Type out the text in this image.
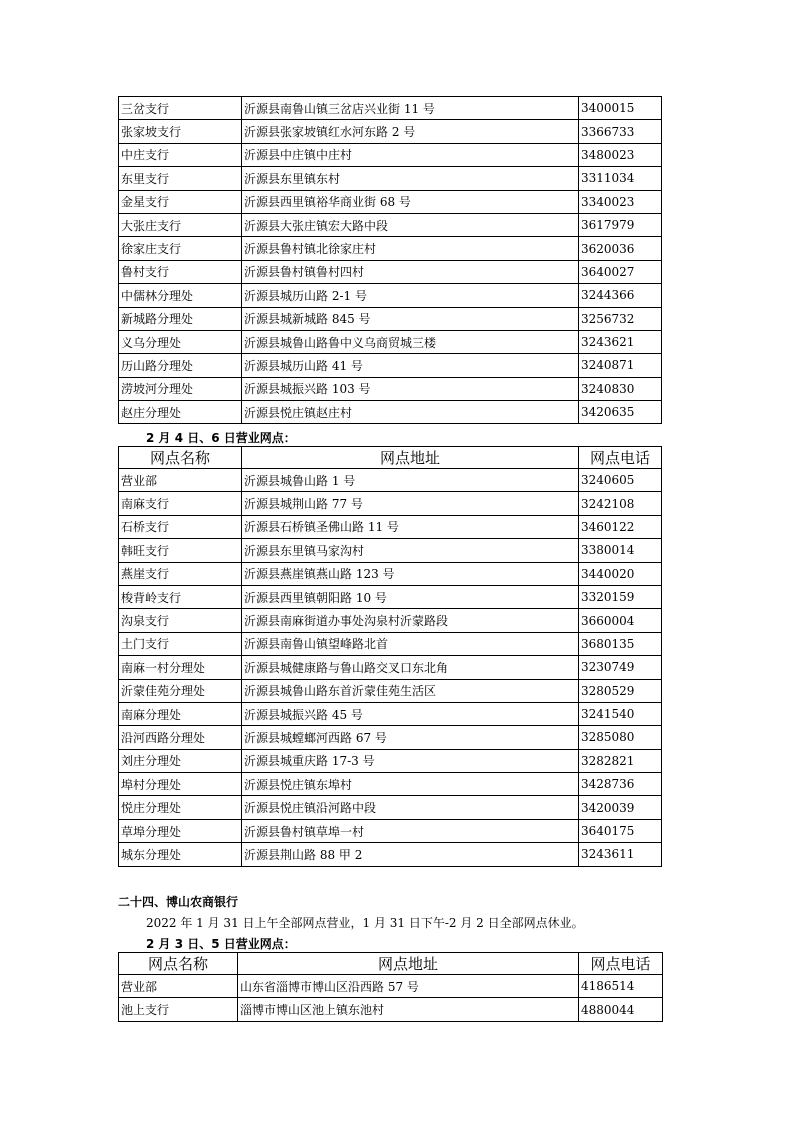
三岔支行	沂源县南鲁山镇三岔店兴业街 11 号	3400015
张家坡支行	沂源县张家坡镇红水河东路 2 号	3366733
中庄支行	沂源县中庄镇中庄村	3480023
东里支行	沂源县东里镇东村	3311034
金星支行	沂源县西里镇裕华商业街 68 号	3340023
大张庄支行	沂源县大张庄镇宏大路中段	3617979
徐家庄支行	沂源县鲁村镇北徐家庄村	3620036
鲁村支行	沂源县鲁村镇鲁村四村	3640027
中儒林分理处	沂源县城历山路 2-1 号	3244366
新城路分理处	沂源县城新城路 845 号	3256732
义乌分理处	沂源县城鲁山路鲁中义乌商贸城三楼	3243621
历山路分理处	沂源县城历山路 41 号	3240871
涝坡河分理处	沂源县城振兴路 103 号	3240830
赵庄分理处	沂源县悦庄镇赵庄村	3420635
2 月 4 日、6 日营业网点：
网点名称	网点地址	网点电话
营业部	沂源县城鲁山路 1 号	3240605
南麻支行	沂源县城荆山路 77 号	3242108
石桥支行	沂源县石桥镇圣佛山路 11 号	3460122
韩旺支行	沂源县东里镇马家沟村	3380014
燕崖支行	沂源县燕崖镇燕山路 123 号	3440020
梭背岭支行	沂源县西里镇朝阳路 10 号	3320159
沟泉支行	沂源县南麻街道办事处沟泉村沂蒙路段	3660004
土门支行	沂源县南鲁山镇望峰路北首	3680135
南麻一村分理处	沂源县城健康路与鲁山路交叉口东北角	3230749
沂蒙佳苑分理处	沂源县城鲁山路东首沂蒙佳苑生活区	3280529
南麻分理处	沂源县城振兴路 45 号	3241540
沿河西路分理处	沂源县城螳螂河西路 67 号	3285080
刘庄分理处	沂源县城重庆路 17-3 号	3282821
埠村分理处	沂源县悦庄镇东埠村	3428736
悦庄分理处	沂源县悦庄镇沿河路中段	3420039
草埠分理处	沂源县鲁村镇草埠一村	3640175
城东分理处	沂源县荆山路 88 甲 2	3243611
二十四、博山农商银行
2022 年 1 月 31 日上午全部网点营业，1 月 31 日下午-2 月 2 日全部网点休业。
2 月 3 日、5 日营业网点：
网点名称	网点地址	网点电话
营业部	山东省淄博市博山区沿西路 57 号	4186514
池上支行	淄博市博山区池上镇东池村	4880044
